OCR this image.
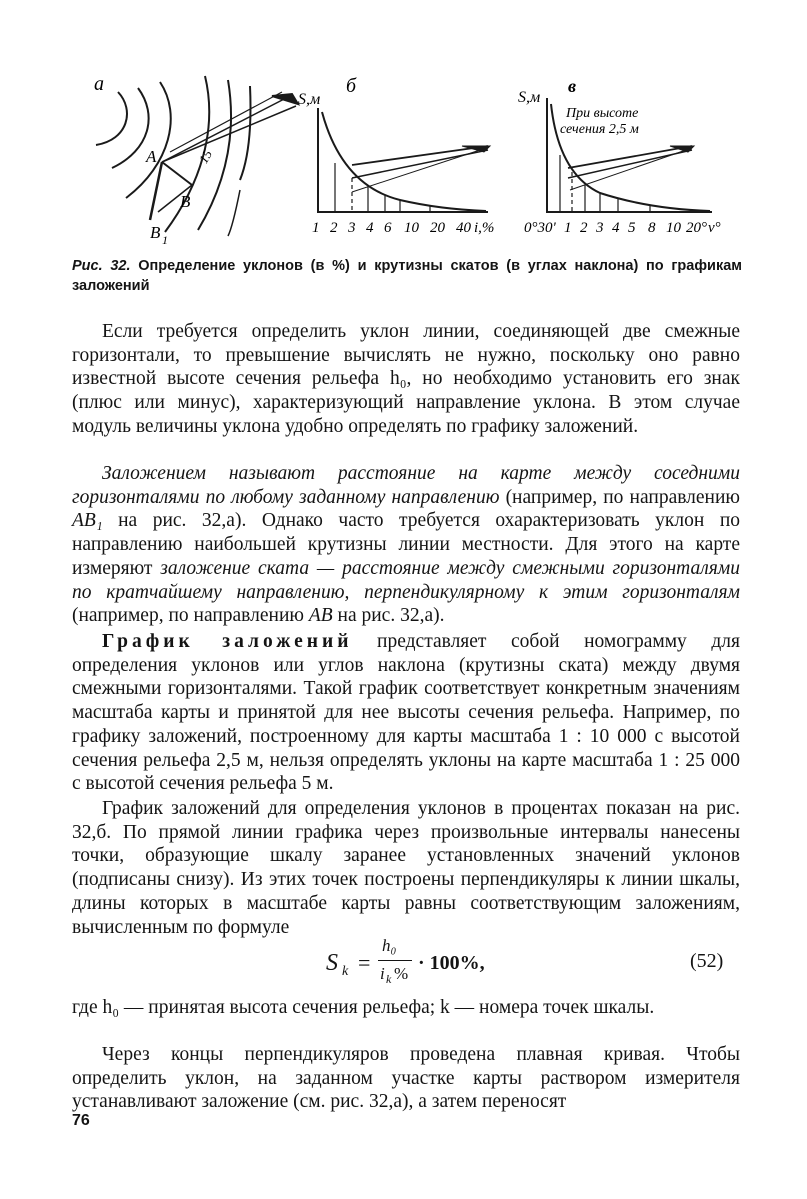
а
A
B
B 1
15
б
S,м
1 2 3 4 6 10 20 40 i,%
в
S,м
При высоте
сечения 2,5 м
0°30' 1 2 3 4 5 8 10 20° ν°
Рис. 32. Определение уклонов (в %) и крутизны скатов (в углах наклона) по графикам заложений
Если требуется определить уклон линии, соединяющей две смежные горизонтали, то превышение вычислять не нужно, поскольку оно равно известной высоте сечения рельефа h₀, но необходимо установить его знак (плюс или минус), характеризующий направление уклона. В этом случае модуль величины уклона удобно определять по графику заложений.
Заложением называют расстояние на карте между соседними горизонталями по любому заданному направлению (например, по направлению AB₁ на рис. 32,а). Однако часто требуется охарактеризовать уклон по направлению наибольшей крутизны линии местности. Для этого на карте измеряют заложение ската — расстояние между смежными горизонталями по кратчайшему направлению, перпендикулярному к этим горизонталям (например, по направлению AB на рис. 32,а).
График заложений представляет собой номограмму для определения уклонов или углов наклона (крутизны ската) между двумя смежными горизонталями. Такой график соответствует конкретным значениям масштаба карты и принятой для нее высоты сечения рельефа. Например, по графику заложений, построенному для карты масштаба 1 : 10 000 с высотой сечения рельефа 2,5 м, нельзя определять уклоны на карте масштаба 1 : 25 000 с высотой сечения рельефа 5 м.
График заложений для определения уклонов в процентах показан на рис. 32,б. По прямой линии графика через произвольные интервалы нанесены точки, образующие шкалу заранее установленных значений уклонов (подписаны снизу). Из этих точек построены перпендикуляры к линии шкалы, длины которых в масштабе карты равны соответствующим заложениям, вычисленным по формуле
S k =
h₀
i k % · 100%,	(52)
где h₀ — принятая высота сечения рельефа; k — номера точек шкалы.
Через концы перпендикуляров проведена плавная кривая. Чтобы определить уклон, на заданном участке карты раствором измерителя устанавливают заложение (см. рис. 32,а), а затем переносят
76
